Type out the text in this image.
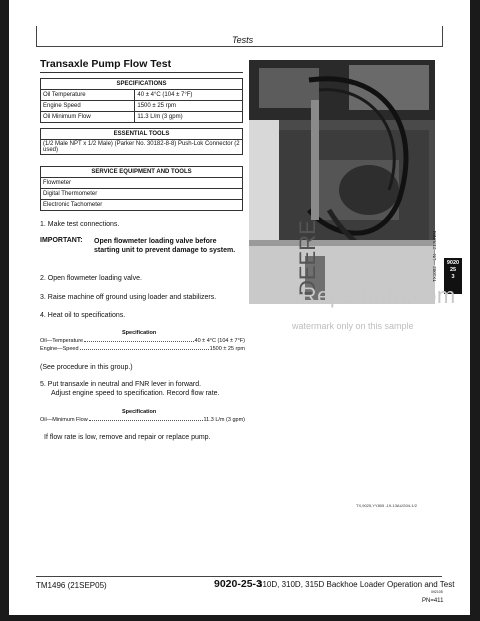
Tests
Transaxle Pump Flow Test
SPECIFICATIONS	
Oil Temperature	40 ± 4°C (104 ± 7°F)
Engine Speed	1500 ± 25 rpm
Oil Minimum Flow	11.3 L/m (3 gpm)
ESSENTIAL TOOLS
(1/2 Male NPT x 1/2 Male) (Parker No. 30182-8-8) Push-Lok Connector (2 used)
SERVICE EQUIPMENT AND TOOLS
Flowmeter
Digital Thermometer
Electronic Tachometer
DEERE	9020
25
3
TX1002 —UN—21JUN04
eRepairinfo.com
watermark only on this sample
1. Make test connections.
IMPORTANT: Open flowmeter loading valve before starting unit to prevent damage to system.
2. Open flowmeter loading valve.
3. Raise machine off ground using loader and stabilizers.
4. Heat oil to specifications.
Specification
Oil—Temperature	40 ± 4°C (104 ± 7°F)
Engine—Speed	1500 ± 25 rpm
(See procedure in this group.)
5. Put transaxle in neutral and FNR lever in forward.
Adjust engine speed to specification. Record flow rate.
Specification
Oil—Minimum Flow	11.3 L/m (3 gpm)
If flow rate is low, remove and repair or replace pump.
TX,9025,YY805 -19-13AUG04-1/2
TM1496 (21SEP05)	9020-25-3
310D, 310D, 315D Backhoe Loader Operation and Test
092105
PN=411
